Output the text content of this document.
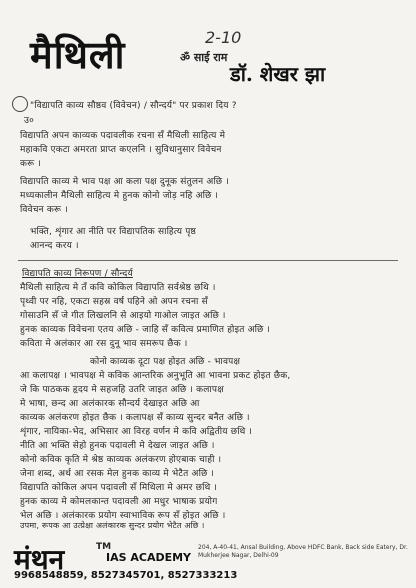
मैथिली	2-10
ॐ साई राम
डॉ. शेखर झा
"विद्यापति काव्य सौष्ठव (विवेचन) / सौन्दर्य" पर प्रकाश दिय ?
उ०
विद्यापति अपन काव्यक पदावलीक रचना सँ मैथिली साहित्य मे
महाकवि एकटा अमरता प्राप्त कएलनि । सुविधानुसार विवेचन
करू ।
विद्यापति काव्य मे भाव पक्ष आ कला पक्ष दुनूक संतुलन अछि ।
मध्यकालीन मैथिली साहित्य मे हुनक कोनो जोड़ नहि अछि ।
विवेचन करू ।
भक्ति, शृंगार आ नीति पर विद्यापतिक साहित्य पृष्ठ
आनन्द करय ।
विद्यापति काव्य निरूपण / सौन्दर्य
मैथिली साहित्य मे तँ कवि कोकिल विद्यापति सर्वश्रेष्ठ छथि ।
पृथ्वी पर नहि, एकटा सहस्र वर्ष पहिने ओ अपन रचना सँ
गोसाउनि सँ जे गीत लिखलनि से आइयो गाओल जाइत अछि ।
हुनक काव्यक विवेचना एतय अछि - जाहि सँ कवित्व प्रमाणित होइत अछि ।
कविता मे अलंकार आ रस दुनू भाव समरूप छैक ।
कोनो काव्यक दूटा पक्ष होइत अछि - भावपक्ष
आ कलापक्ष । भावपक्ष मे कविक आन्तरिक अनुभूति आ भावना प्रकट होइत छैक,
जे कि पाठकक हृदय मे सहजहि उतरि जाइत अछि । कलापक्ष
मे भाषा, छन्द आ अलंकारक सौन्दर्य देखाइत अछि आ
काव्यक अलंकरण होइत छैक । कलापक्ष सँ काव्य सुन्दर बनैत अछि ।
शृंगार, नायिका-भेद, अभिसार आ विरह वर्णन मे कवि अद्वितीय छथि ।
नीति आ भक्ति सेहो हुनक पदावली मे देखल जाइत अछि ।
कोनो कविक कृति मे श्रेष्ठ काव्यक अलंकरण होएबाक चाही ।
जेना शब्द, अर्थ आ रसक मेल हुनक काव्य मे भेटैत अछि ।
विद्यापति कोकिल अपन पदावली सँ मिथिला मे अमर छथि ।
हुनक काव्य मे कोमलकान्त पदावली आ मधुर भाषाक प्रयोग
भेल अछि । अलंकारक प्रयोग स्वाभाविक रूप सँ होइत अछि ।
उपमा, रूपक आ उत्प्रेक्षा अलंकारक सुन्दर प्रयोग भेटैत अछि ।
मंथन	TM
IAS ACADEMY
204, A-40-41, Ansal Building, Above HDFC Bank, Back side Eatery, Dr. Mukherjee Nagar, Delhi-09
9968548859, 8527345701, 8527333213
